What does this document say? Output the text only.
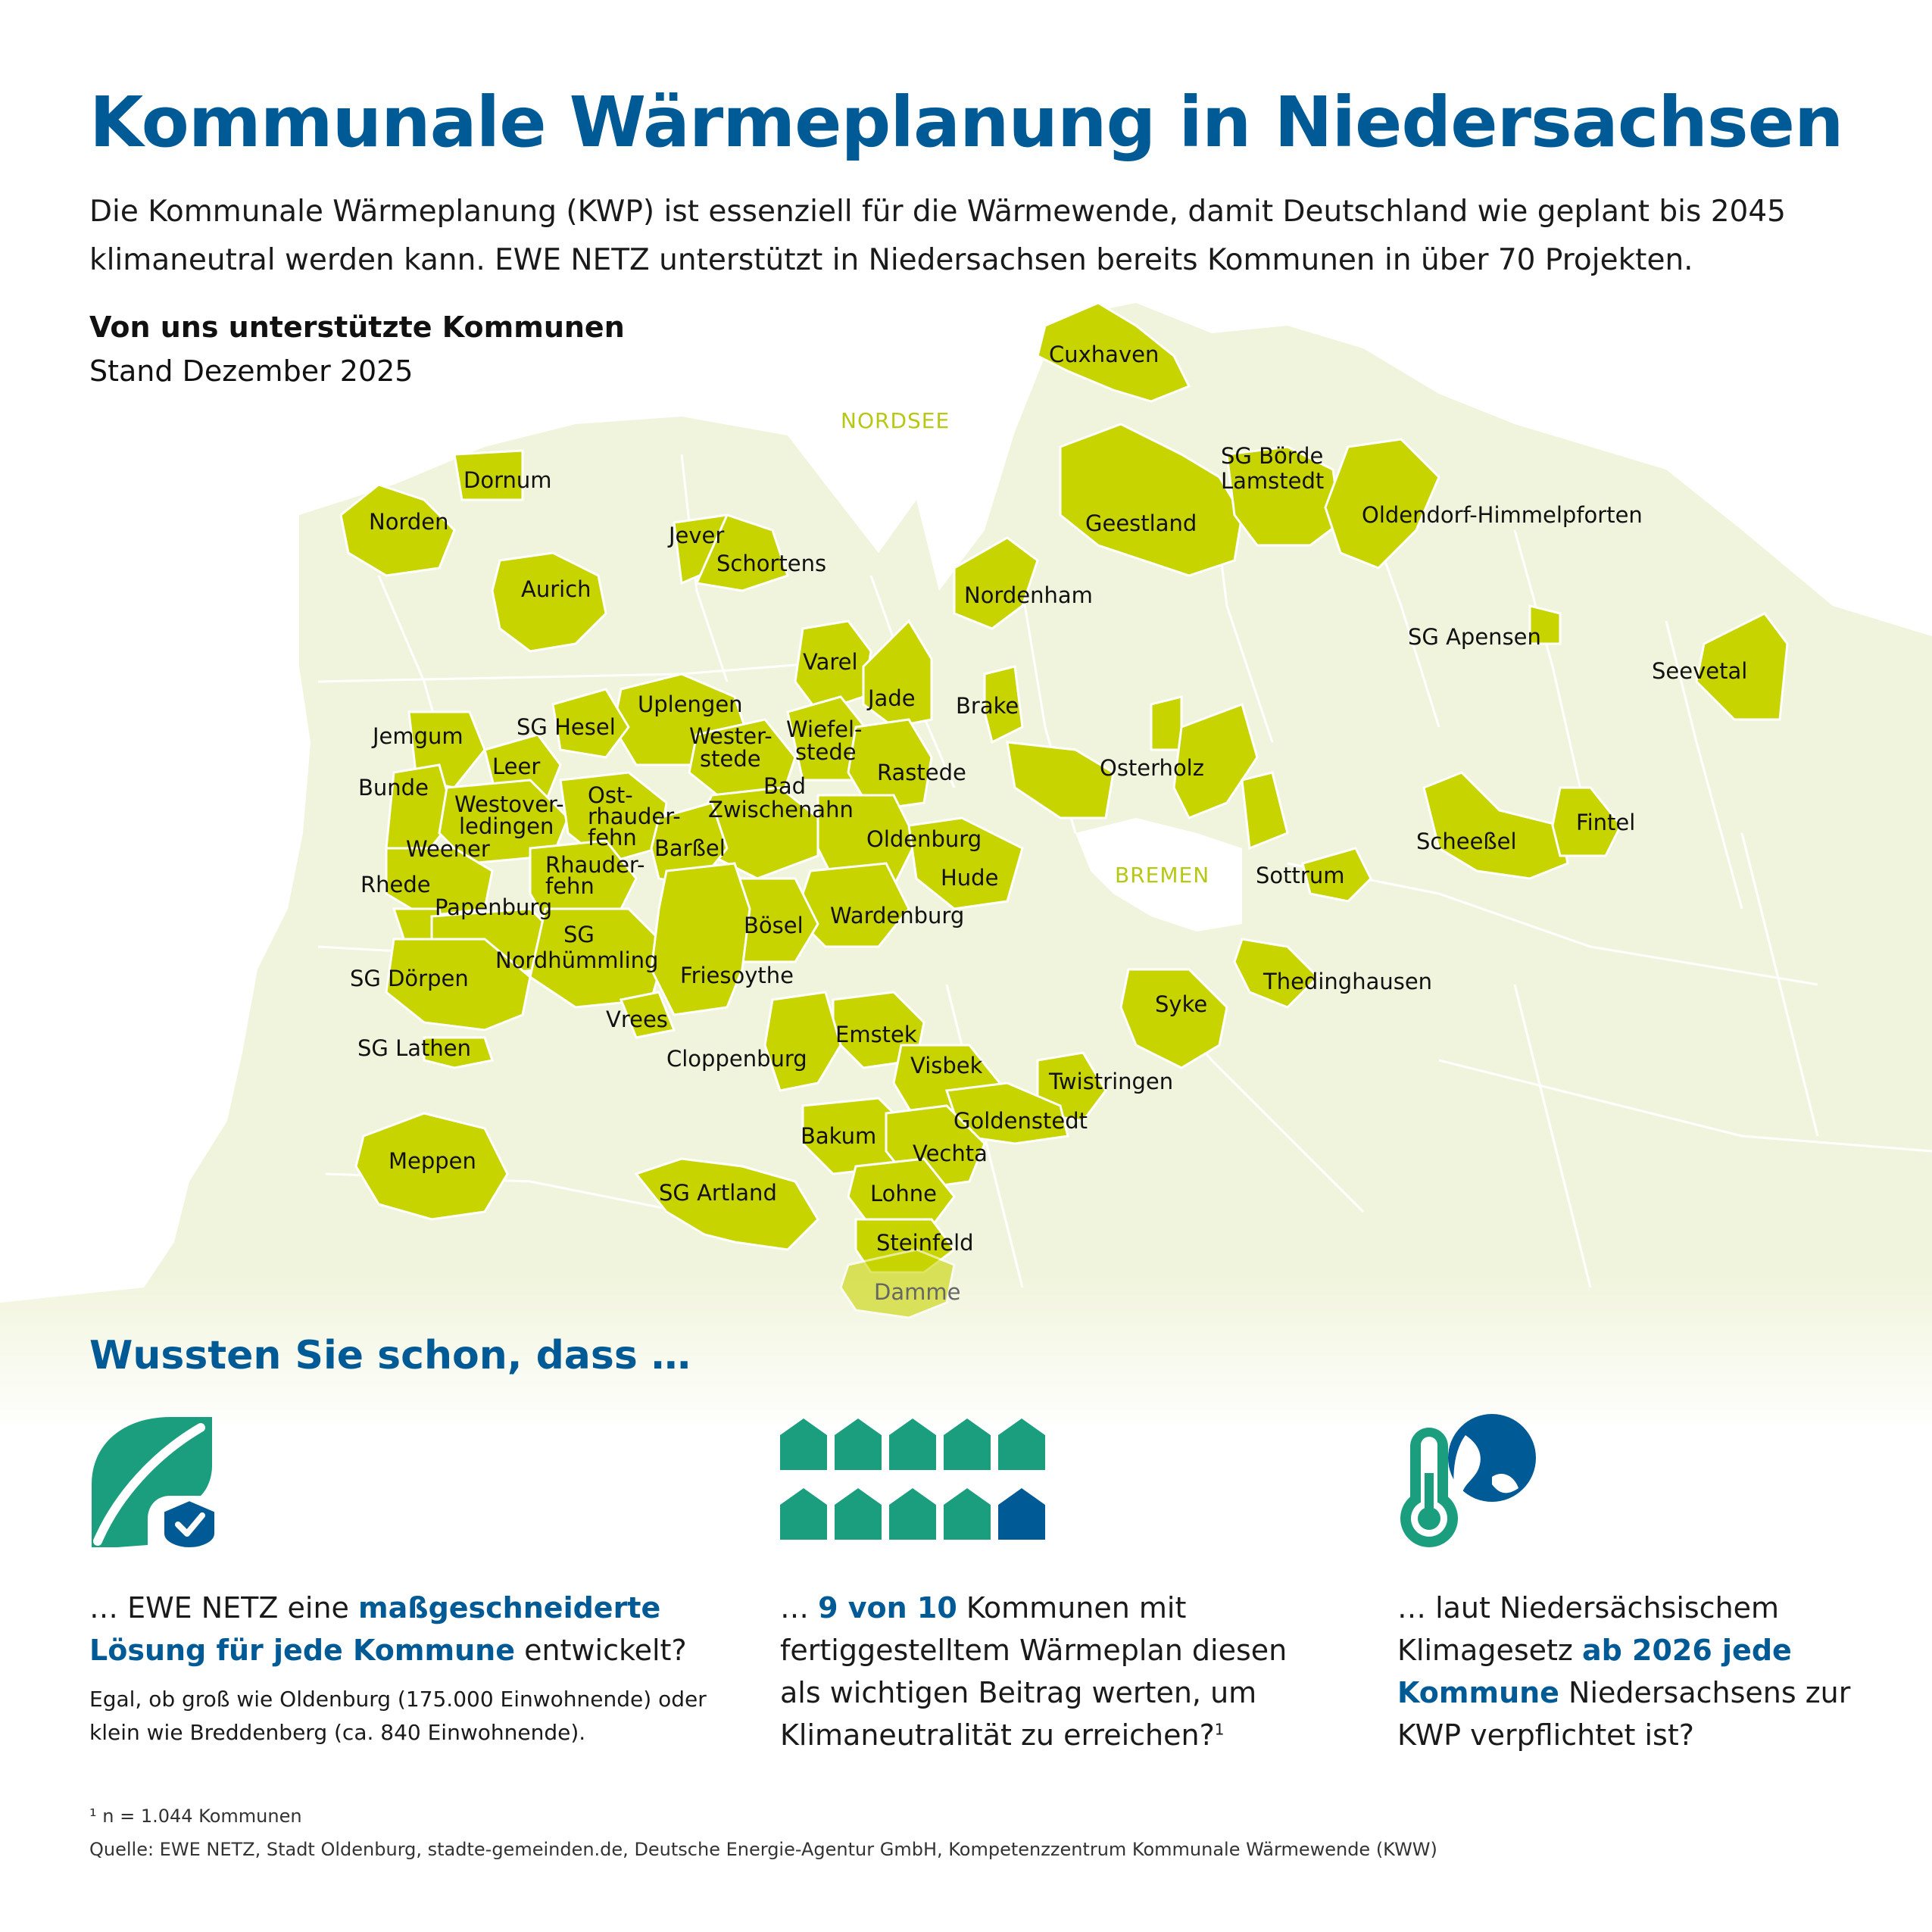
Kommunale Wärmeplanung in Niedersachsen

Die Kommunale Wärmeplanung (KWP) ist essenziell für die Wärmewende, damit Deutschland wie geplant bis 2045 klimaneutral werden kann. EWE NETZ unterstützt in Niedersachsen bereits Kommunen in über 70 Projekten.

Von uns unterstützte Kommunen
Stand Dezember 2025
NORDSEE
BREMEN
Cuxhaven
SG Börde
Lamstedt
Geestland	Oldendorf-Himmelpforten
Dornum
Norden
Jever
Schortens
Aurich	Nordenham
SG Apensen
Seevetal
Varel
Jade Brake
Uplengen
SG Hesel
Jemgum	Wester-
stede
Wiefel-
stede
Leer	Rastede	Osterholz
Bunde
Westover-
ledingen
Ost-
rhauder-
fehn
Bad
Zwischenahn
Scheeßel
Fintel
Weener
Rhauder-
fehn
Barßel	Oldenburg
Hude	Sottrum
Rhede
Papenburg	Wardenburg
Bösel
SG
Nordhümmling
SG Dörpen	Friesoythe	Thedinghausen
Syke
Vrees
Emstek
SG Lathen	Cloppenburg	Visbek
Twistringen
Goldenstedt
Bakum
Meppen	Vechta
SG Artland	Lohne
Steinfeld
Damme
Wussten Sie schon, dass …

… EWE NETZ eine maßgeschneiderte Lösung für jede Kommune entwickelt?

Egal, ob groß wie Oldenburg (175.000 Einwohnende) oder klein wie Breddenberg (ca. 840 Einwohnende).

… 9 von 10 Kommunen mit fertiggestelltem Wärmeplan diesen als wichtigen Beitrag werten, um Klimaneutralität zu erreichen?$^1$

… laut Niedersächsischem Klimagesetz ab 2026 jede Kommune Niedersachsens zur KWP verpflichtet ist?

¹ n = 1.044 Kommunen
Quelle: EWE NETZ, Stadt Oldenburg, stadte-gemeinden.de, Deutsche Energie-Agentur GmbH, Kompetenzzentrum Kommunale Wärmewende (KWW)
